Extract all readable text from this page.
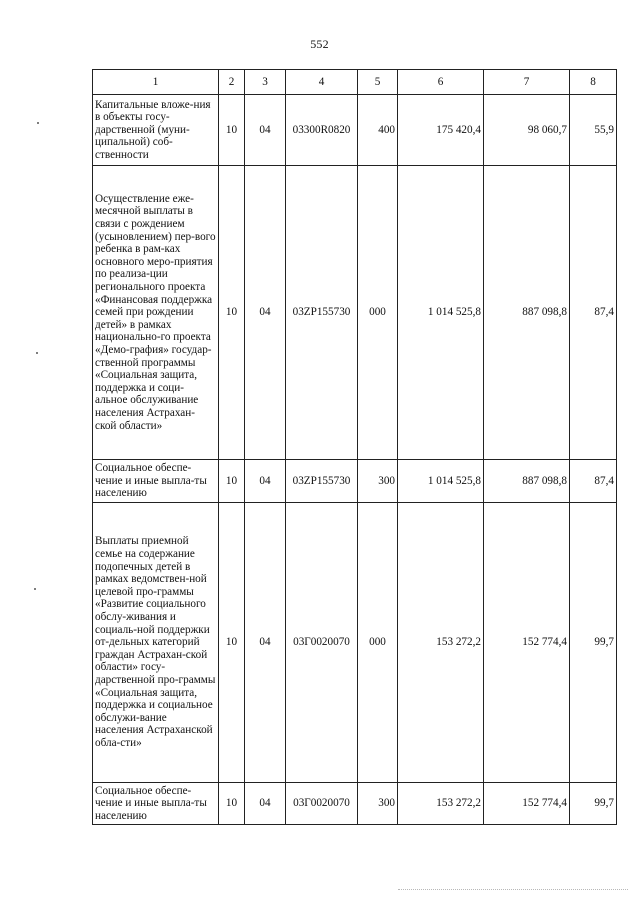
552
1	2	3	4	5	6	7	8
Капитальные вложе-ния в объекты госу-дарственной (муни-ципальной) соб-ственности	10	04	03300R0820	400	175 420,4	98 060,7	55,9
Осуществление еже-месячной выплаты в связи с рождением (усыновлением) пер-вого ребенка в рам-ках основного меро-приятия по реализа-ции регионального проекта «Финансовая поддержка семей при рождении детей» в рамках национально-го проекта «Демо-графия» государ-ственной программы «Социальная защита, поддержка и соци-альное обслуживание населения Астрахан-ской области»	10	04	03ZP155730	000	1 014 525,8	887 098,8	87,4
Социальное обеспе-чение и иные выпла-ты населению	10	04	03ZP155730	300	1 014 525,8	887 098,8	87,4
Выплаты приемной семье на содержание подопечных детей в рамках ведомствен-ной целевой про-граммы «Развитие социального обслу-живания и социаль-ной поддержки от-дельных категорий граждан Астрахан-ской области» госу-дарственной про-граммы «Социальная защита, поддержка и социальное обслужи-вание населения Астраханской обла-сти»	10	04	03Г0020070	000	153 272,2	152 774,4	99,7
Социальное обеспе-чение и иные выпла-ты населению	10	04	03Г0020070	300	153 272,2	152 774,4	99,7
